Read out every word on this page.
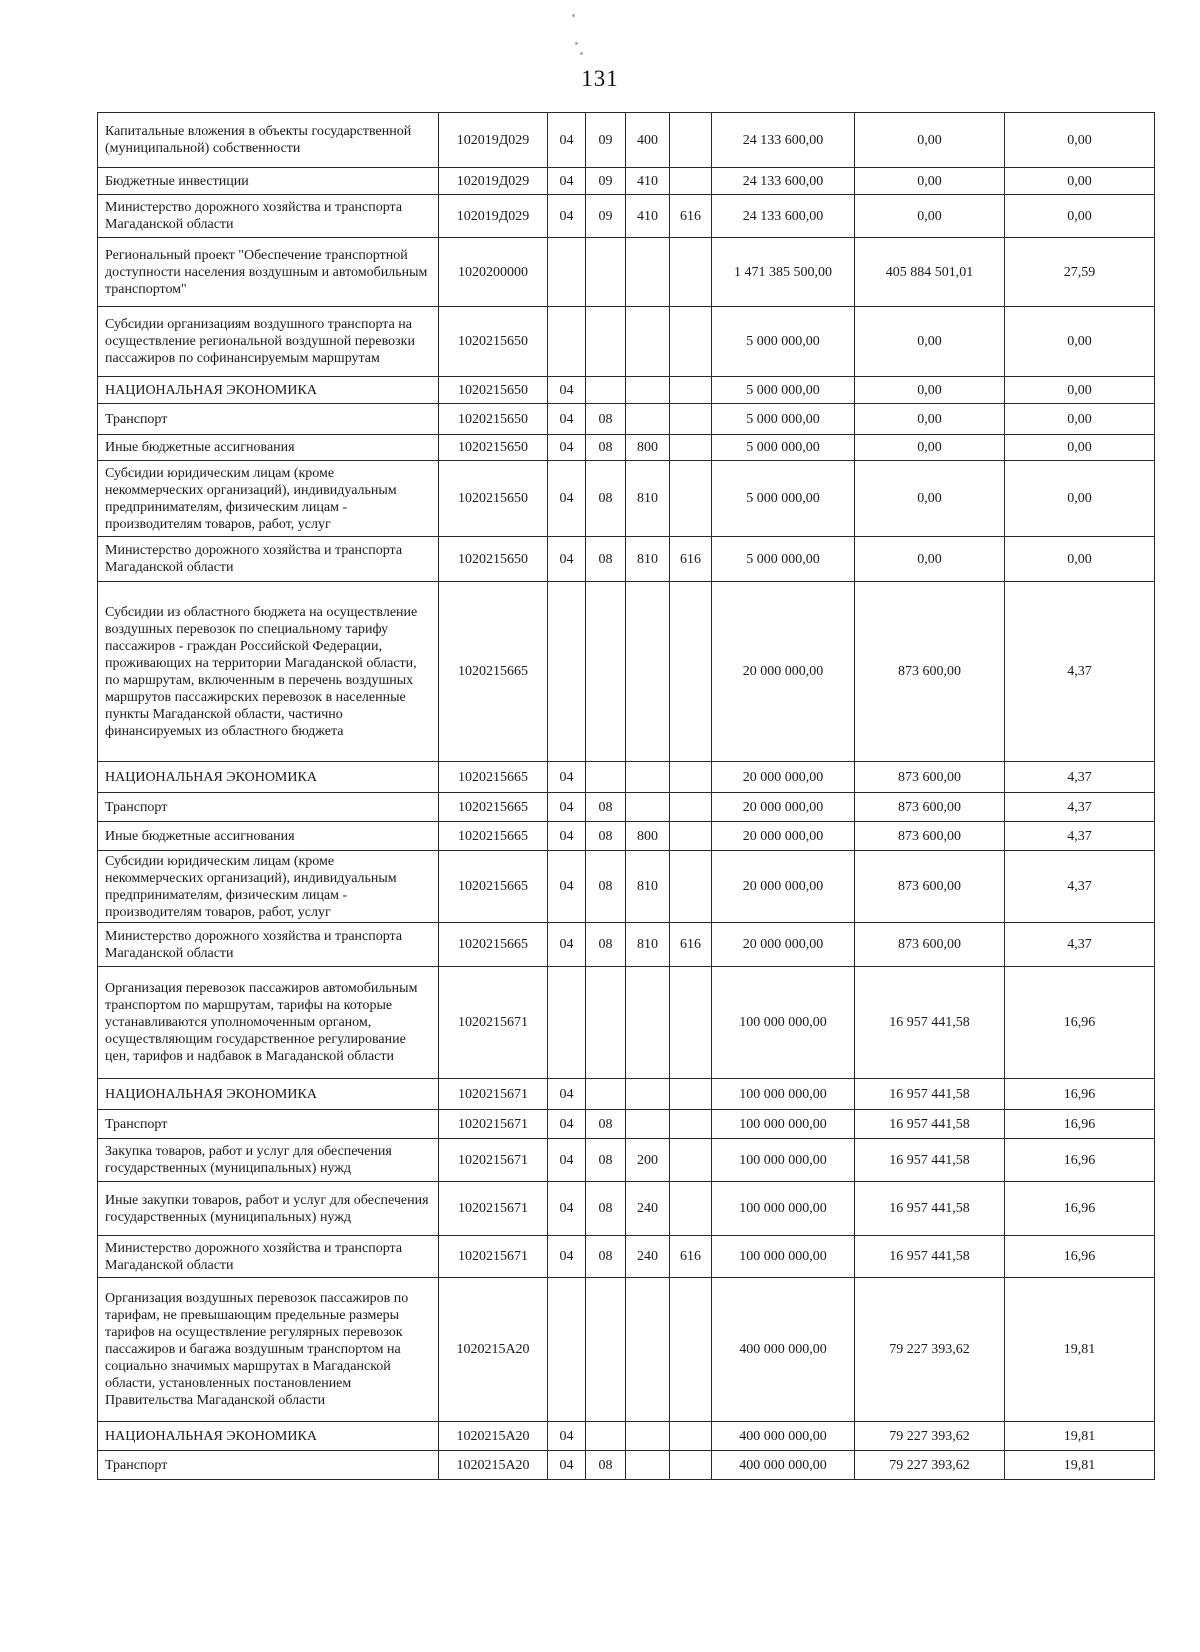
131
Капитальные вложения в объекты государственной (муниципальной) собственности	102019Д029	04	09	400		24 133 600,00	0,00	0,00
Бюджетные инвестиции	102019Д029	04	09	410		24 133 600,00	0,00	0,00
Министерство дорожного хозяйства и транспорта Магаданской области	102019Д029	04	09	410	616	24 133 600,00	0,00	0,00
Региональный проект "Обеспечение транспортной доступности населения воздушным и автомобильным транспортом"	1020200000					1 471 385 500,00	405 884 501,01	27,59
Субсидии организациям воздушного транспорта на осуществление региональной воздушной перевозки пассажиров по софинансируемым маршрутам	1020215650					5 000 000,00	0,00	0,00
НАЦИОНАЛЬНАЯ ЭКОНОМИКА	1020215650	04				5 000 000,00	0,00	0,00
Транспорт	1020215650	04	08			5 000 000,00	0,00	0,00
Иные бюджетные ассигнования	1020215650	04	08	800		5 000 000,00	0,00	0,00
Субсидии юридическим лицам (кроме некоммерческих организаций), индивидуальным предпринимателям, физическим лицам - производителям товаров, работ, услуг	1020215650	04	08	810		5 000 000,00	0,00	0,00
Министерство дорожного хозяйства и транспорта Магаданской области	1020215650	04	08	810	616	5 000 000,00	0,00	0,00
Субсидии из областного бюджета на осуществление воздушных перевозок по специальному тарифу пассажиров - граждан Российской Федерации, проживающих на территории Магаданской области, по маршрутам, включенным в перечень воздушных маршрутов пассажирских перевозок в населенные пункты Магаданской области, частично финансируемых из областного бюджета	1020215665					20 000 000,00	873 600,00	4,37
НАЦИОНАЛЬНАЯ ЭКОНОМИКА	1020215665	04				20 000 000,00	873 600,00	4,37
Транспорт	1020215665	04	08			20 000 000,00	873 600,00	4,37
Иные бюджетные ассигнования	1020215665	04	08	800		20 000 000,00	873 600,00	4,37
Субсидии юридическим лицам (кроме некоммерческих организаций), индивидуальным предпринимателям, физическим лицам - производителям товаров, работ, услуг	1020215665	04	08	810		20 000 000,00	873 600,00	4,37
Министерство дорожного хозяйства и транспорта Магаданской области	1020215665	04	08	810	616	20 000 000,00	873 600,00	4,37
Организация перевозок пассажиров автомобильным транспортом по маршрутам, тарифы на которые устанавливаются уполномоченным органом, осуществляющим государственное регулирование цен, тарифов и надбавок в Магаданской области	1020215671					100 000 000,00	16 957 441,58	16,96
НАЦИОНАЛЬНАЯ ЭКОНОМИКА	1020215671	04				100 000 000,00	16 957 441,58	16,96
Транспорт	1020215671	04	08			100 000 000,00	16 957 441,58	16,96
Закупка товаров, работ и услуг для обеспечения государственных (муниципальных) нужд	1020215671	04	08	200		100 000 000,00	16 957 441,58	16,96
Иные закупки товаров, работ и услуг для обеспечения государственных (муниципальных) нужд	1020215671	04	08	240		100 000 000,00	16 957 441,58	16,96
Министерство дорожного хозяйства и транспорта Магаданской области	1020215671	04	08	240	616	100 000 000,00	16 957 441,58	16,96
Организация воздушных перевозок пассажиров по тарифам, не превышающим предельные размеры тарифов на осуществление регулярных перевозок пассажиров и багажа воздушным транспортом на социально значимых маршрутах в Магаданской области, установленных постановлением Правительства Магаданской области	1020215А20					400 000 000,00	79 227 393,62	19,81
НАЦИОНАЛЬНАЯ ЭКОНОМИКА	1020215А20	04				400 000 000,00	79 227 393,62	19,81
Транспорт	1020215А20	04	08			400 000 000,00	79 227 393,62	19,81
